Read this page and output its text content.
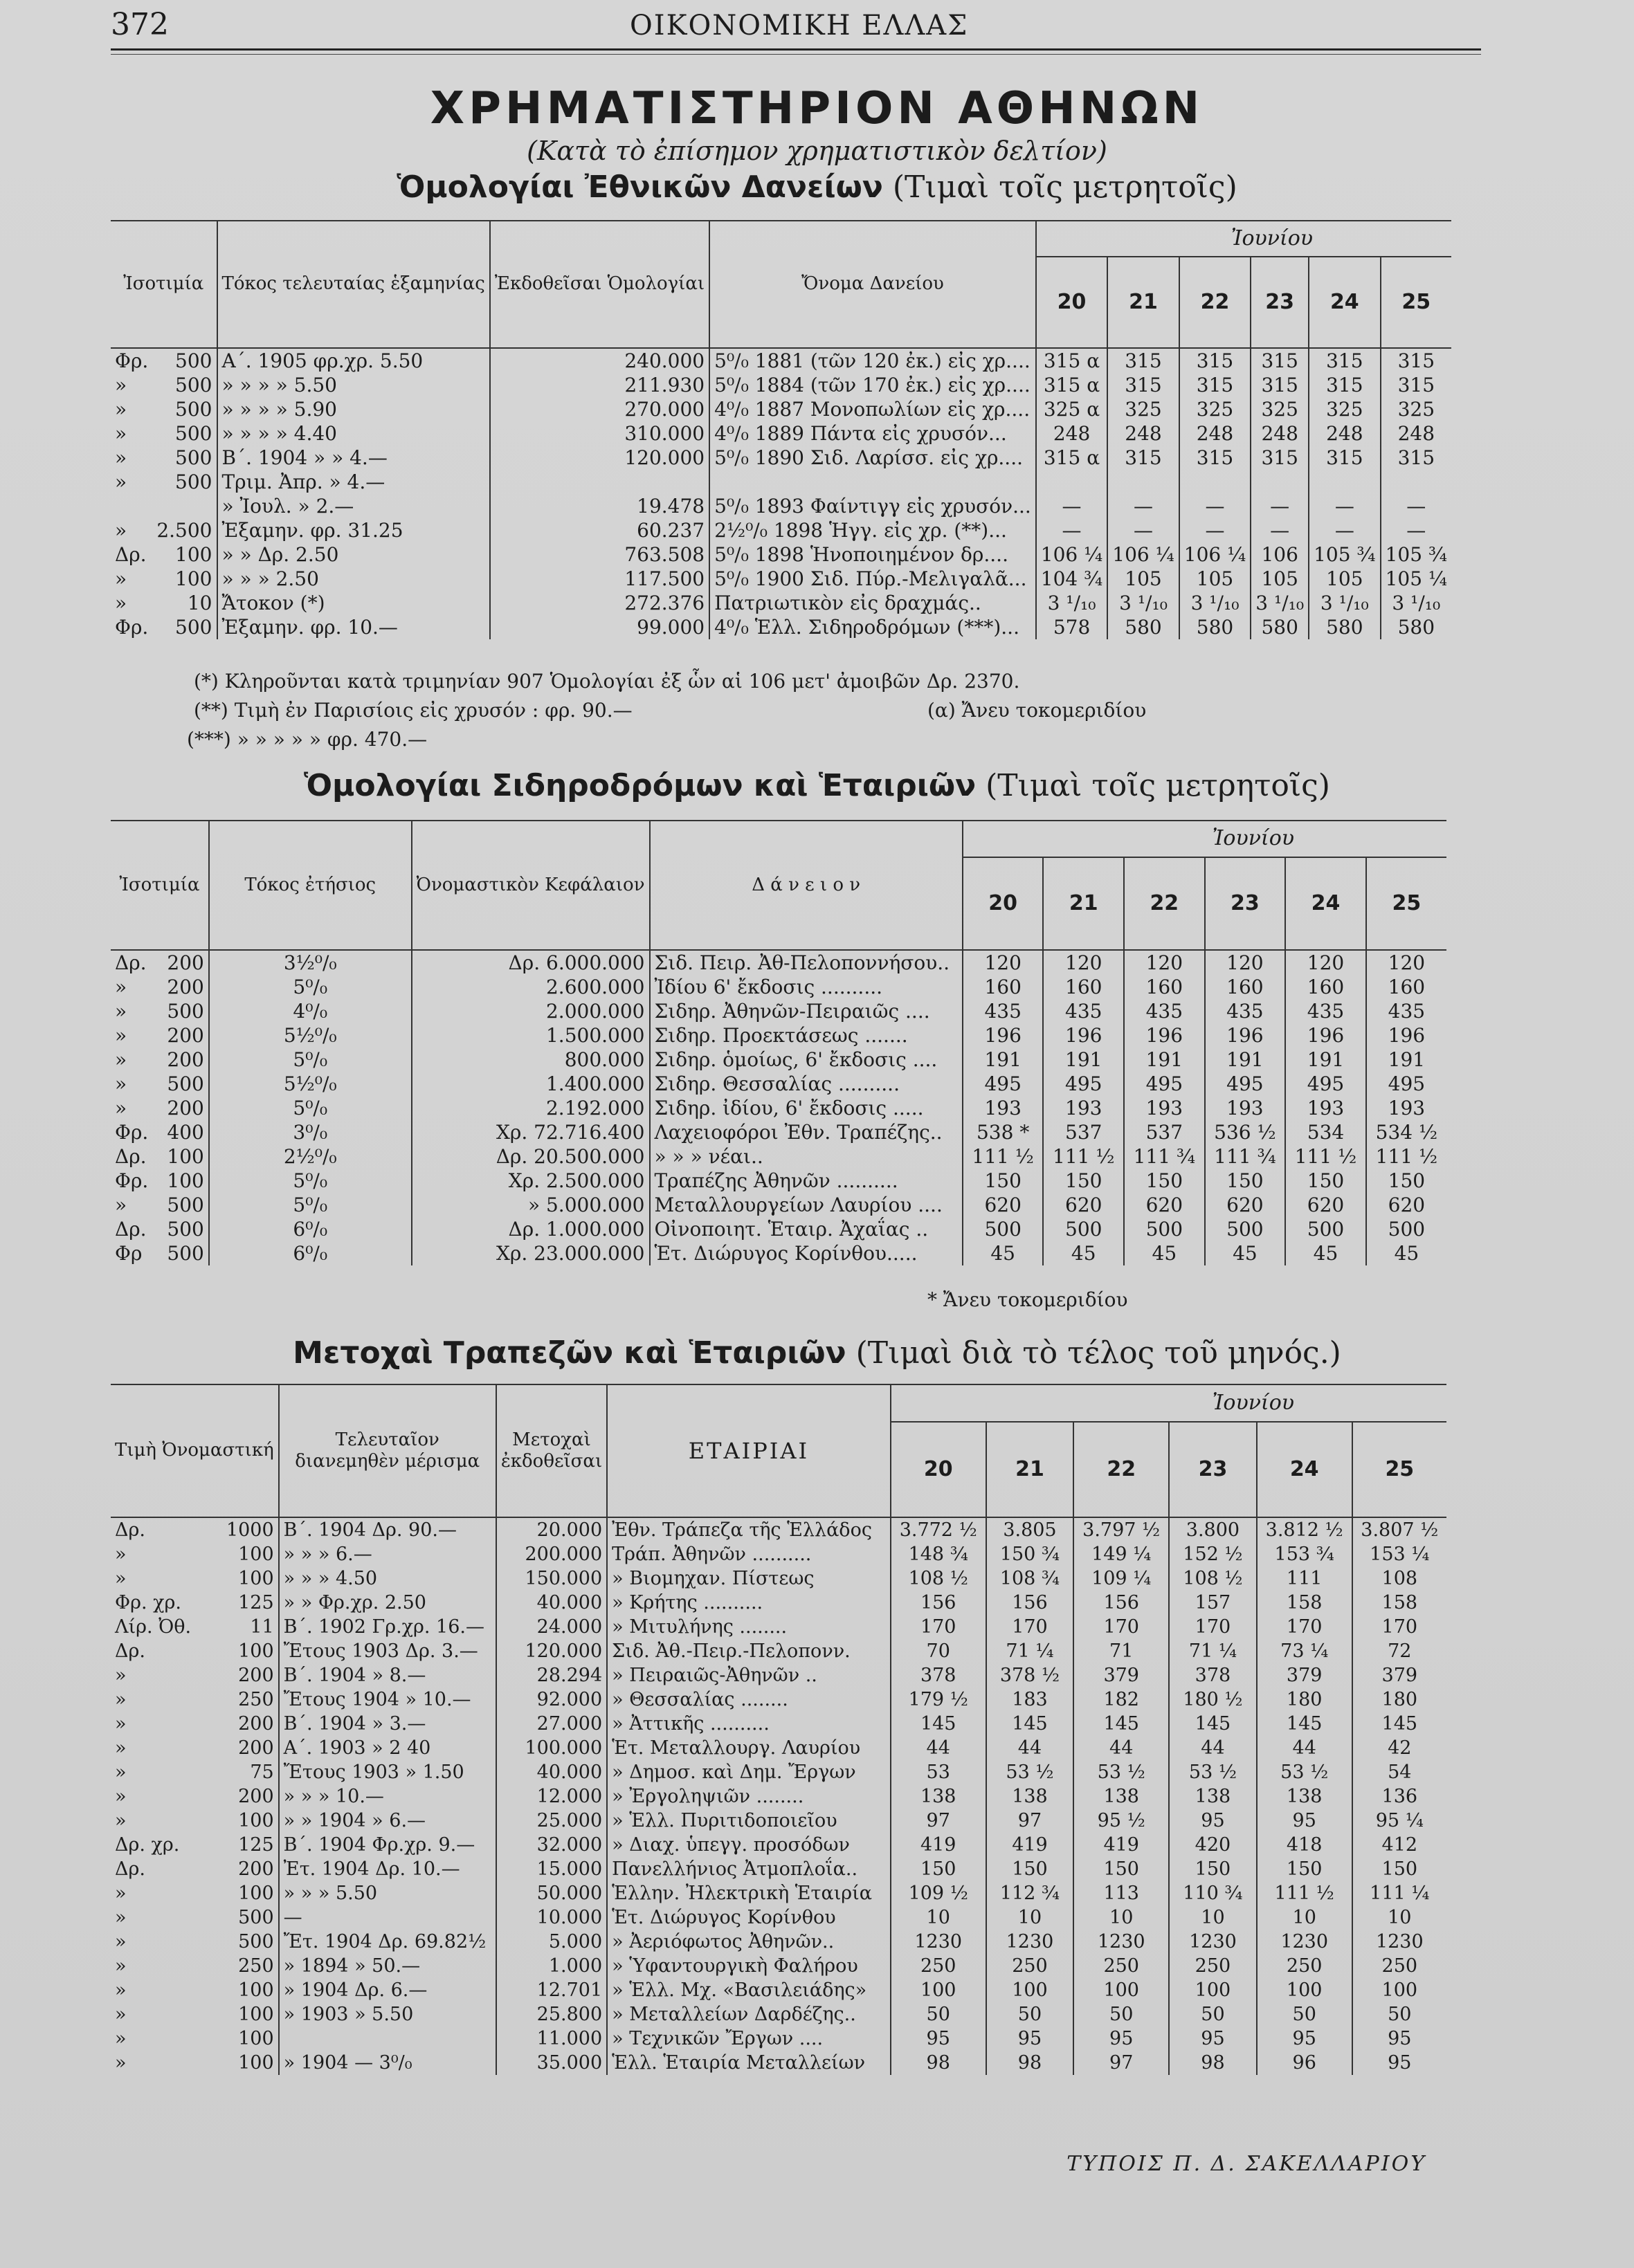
372	ΟΙΚΟΝΟΜΙΚΗ ΕΛΛΑΣ
ΧΡΗΜΑΤΙΣΤΗΡΙΟΝ ΑΘΗΝΩΝ
(Κατὰ τὸ ἐπίσημον χρηματιστικὸν δελτίον)
Ὁμολογίαι Ἐθνικῶν Δανείων (Τιμαὶ τοῖς μετρητοῖς)
Ἰσοτιμία		Τόκος τελευταίας ἑξαμηνίας	Ἐκδοθεῖσαι Ὁμολογίαι	Ὄνομα Δανείου	Ἰουνίου					
					20	21	22	23	24	25
Φρ.	500	Α΄. 1905 φρ.χρ. 5.50	240.000	5⁰/₀ 1881 (τῶν 120 ἐκ.) εἰς χρ....	315 α	315	315	315	315	315
»	500	» » » » 5.50	211.930	5⁰/₀ 1884 (τῶν 170 ἐκ.) εἰς χρ....	315 α	315	315	315	315	315
»	500	» » » » 5.90	270.000	4⁰/₀ 1887 Μονοπωλίων εἰς χρ....	325 α	325	325	325	325	325
»	500	» » » » 4.40	310.000	4⁰/₀ 1889 Πάντα εἰς χρυσόν...	248	248	248	248	248	248
»	500	Β΄. 1904 » » 4.—	120.000	5⁰/₀ 1890 Σιδ. Λαρίσσ. εἰς χρ....	315 α	315	315	315	315	315
»	500	Τριμ. Ἀπρ. » 4.—								
		» Ἰουλ. » 2.—	19.478	5⁰/₀ 1893 Φαίντιγγ εἰς χρυσόν...	—	—	—	—	—	—
»	2.500	Ἐξαμην. φρ. 31.25	60.237	2½⁰/₀ 1898 Ἡγγ. εἰς χρ. (**)...	—	—	—	—	—	—
Δρ.	100	» » Δρ. 2.50	763.508	5⁰/₀ 1898 Ἡνοποιημένον δρ....	106 ¼	106 ¼	106 ¼	106	105 ¾	105 ¾
»	100	» » » 2.50	117.500	5⁰/₀ 1900 Σιδ. Πύρ.-Μελιγαλᾶ...	104 ¾	105	105	105	105	105 ¼
»	10	Ἄτοκον (*)	272.376	Πατριωτικὸν εἰς δραχμάς..	3 ¹/₁₀	3 ¹/₁₀	3 ¹/₁₀	3 ¹/₁₀	3 ¹/₁₀	3 ¹/₁₀
Φρ.	500	Ἐξαμην. φρ. 10.—	99.000	4⁰/₀ Ἑλλ. Σιδηροδρόμων (***)...	578	580	580	580	580	580
(*) Κληροῦνται κατὰ τριμηνίαν 907 Ὁμολογίαι ἐξ ὧν αἱ 106 μετ' ἀμοιβῶν Δρ. 2370.
(**) Τιμὴ ἐν Παρισίοις εἰς χρυσόν : φρ. 90.—
(***) » » » » » φρ. 470.—
(α) Ἄνευ τοκομεριδίου
Ὁμολογίαι Σιδηροδρόμων καὶ Ἑταιριῶν (Τιμαὶ τοῖς μετρητοῖς)
Ἰσοτιμία		Τόκος ἐτήσιος	Ὀνομαστικὸν Κεφάλαιον	Δ ά ν ε ι ο ν	Ἰουνίου					
					20	21	22	23	24	25
Δρ.	200	3½⁰/₀	Δρ. 6.000.000	Σιδ. Πειρ. Ἀθ-Πελοποννήσου..	120	120	120	120	120	120
»	200	5⁰/₀	2.600.000	Ἰδίου 6' ἔκδοσις ..........	160	160	160	160	160	160
»	500	4⁰/₀	2.000.000	Σιδηρ. Ἀθηνῶν-Πειραιῶς ....	435	435	435	435	435	435
»	200	5½⁰/₀	1.500.000	Σιδηρ. Προεκτάσεως .......	196	196	196	196	196	196
»	200	5⁰/₀	800.000	Σιδηρ. ὁμοίως, 6' ἔκδοσις ....	191	191	191	191	191	191
»	500	5½⁰/₀	1.400.000	Σιδηρ. Θεσσαλίας ..........	495	495	495	495	495	495
»	200	5⁰/₀	2.192.000	Σιδηρ. ἰδίου, 6' ἔκδοσις .....	193	193	193	193	193	193
Φρ.	400	3⁰/₀	Χρ. 72.716.400	Λαχειοφόροι Ἐθν. Τραπέζης..	538 *	537	537	536 ½	534	534 ½
Δρ.	100	2½⁰/₀	Δρ. 20.500.000	» » » νέαι..	111 ½	111 ½	111 ¾	111 ¾	111 ½	111 ½
Φρ.	100	5⁰/₀	Χρ. 2.500.000	Τραπέζης Ἀθηνῶν ..........	150	150	150	150	150	150
»	500	5⁰/₀	» 5.000.000	Μεταλλουργείων Λαυρίου ....	620	620	620	620	620	620
Δρ.	500	6⁰/₀	Δρ. 1.000.000	Οἰνοποιητ. Ἑταιρ. Ἀχαΐας ..	500	500	500	500	500	500
Φρ	500	6⁰/₀	Χρ. 23.000.000	Ἑτ. Διώρυγος Κορίνθου.....	45	45	45	45	45	45
* Ἄνευ τοκομεριδίου
Μετοχαὶ Τραπεζῶν καὶ Ἑταιριῶν (Τιμαὶ διὰ τὸ τέλος τοῦ μηνός.)
Τιμὴ Ὀνομαστική		Τελευταῖον διανεμηθὲν μέρισμα	Μετοχαὶ ἐκδοθεῖσαι	ΕΤΑΙΡΙΑΙ	Ἰουνίου					
					20	21	22	23	24	25
Δρ.	1000	Β΄. 1904 Δρ. 90.—	20.000	Ἐθν. Τράπεζα τῆς Ἑλλάδος	3.772 ½	3.805	3.797 ½	3.800	3.812 ½	3.807 ½
»	100	» » » 6.—	200.000	Τράπ. Ἀθηνῶν ..........	148 ¾	150 ¾	149 ¼	152 ½	153 ¾	153 ¼
»	100	» » » 4.50	150.000	» Βιομηχαν. Πίστεως	108 ½	108 ¾	109 ¼	108 ½	111	108
Φρ. χρ.	125	» » Φρ.χρ. 2.50	40.000	» Κρήτης ..........	156	156	156	157	158	158
Λίρ. Ὀθ.	11	Β΄. 1902 Γρ.χρ. 16.—	24.000	» Μιτυλήνης ........	170	170	170	170	170	170
Δρ.	100	Ἔτους 1903 Δρ. 3.—	120.000	Σιδ. Ἀθ.-Πειρ.-Πελοπονν.	70	71 ¼	71	71 ¼	73 ¼	72
»	200	Β΄. 1904 » 8.—	28.294	» Πειραιῶς-Ἀθηνῶν ..	378	378 ½	379	378	379	379
»	250	Ἔτους 1904 » 10.—	92.000	» Θεσσαλίας ........	179 ½	183	182	180 ½	180	180
»	200	Β΄. 1904 » 3.—	27.000	» Ἀττικῆς ..........	145	145	145	145	145	145
»	200	Α΄. 1903 » 2 40	100.000	Ἑτ. Μεταλλουργ. Λαυρίου	44	44	44	44	44	42
»	75	Ἔτους 1903 » 1.50	40.000	» Δημοσ. καὶ Δημ. Ἔργων	53	53 ½	53 ½	53 ½	53 ½	54
»	200	» » » 10.—	12.000	» Ἐργοληψιῶν ........	138	138	138	138	138	136
»	100	» » 1904 » 6.—	25.000	» Ἑλλ. Πυριτιδοποιεῖου	97	97	95 ½	95	95	95 ¼
Δρ. χρ.	125	Β΄. 1904 Φρ.χρ. 9.—	32.000	» Διαχ. ὑπεγγ. προσόδων	419	419	419	420	418	412
Δρ.	200	Ἐτ. 1904 Δρ. 10.—	15.000	Πανελλήνιος Ἀτμοπλοΐα..	150	150	150	150	150	150
»	100	» » » 5.50	50.000	Ἑλλην. Ἠλεκτρικὴ Ἑταιρία	109 ½	112 ¾	113	110 ¾	111 ½	111 ¼
»	500	—	10.000	Ἑτ. Διώρυγος Κορίνθου	10	10	10	10	10	10
»	500	Ἔτ. 1904 Δρ. 69.82½	5.000	» Ἀεριόφωτος Ἀθηνῶν..	1230	1230	1230	1230	1230	1230
»	250	» 1894 » 50.—	1.000	» Ὑφαντουργικὴ Φαλήρου	250	250	250	250	250	250
»	100	» 1904 Δρ. 6.—	12.701	» Ἑλλ. Μχ. «Βασιλειάδης»	100	100	100	100	100	100
»	100	» 1903 » 5.50	25.800	» Μεταλλείων Δαρδέζης..	50	50	50	50	50	50
»	100		11.000	» Τεχνικῶν Ἔργων ....	95	95	95	95	95	95
»	100	» 1904 — 3⁰/₀	35.000	Ἑλλ. Ἑταιρία Μεταλλείων	98	98	97	98	96	95
ΤΥΠΟΙΣ Π. Δ. ΣΑΚΕΛΛΑΡΙΟΥ
